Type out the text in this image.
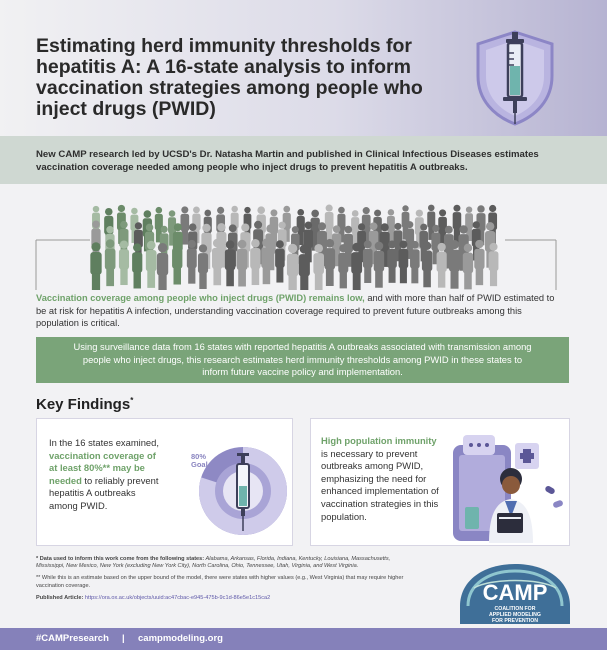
Estimating herd immunity thresholds for hepatitis A: A 16-state analysis to inform vaccination strategies among people who inject drugs (PWID)

New CAMP research led by UCSD's Dr. Natasha Martin and published in Clinical Infectious Diseases estimates vaccination coverage needed among people who inject drugs to prevent hepatitis A outbreaks.

Vaccination coverage among people who inject drugs (PWID) remains low, and with more than half of PWID estimated to be at risk for hepatitis A infection, understanding vaccination coverage required to prevent future outbreaks among this population is critical.
Using surveillance data from 16 states with reported hepatitis A outbreaks associated with transmission among people who inject drugs, this research estimates herd immunity thresholds among PWID in these states to inform future vaccine policy and implementation.
Key Findings*
In the 16 states examined, vaccination coverage of at least 80%** may be needed to reliably prevent hepatitis A outbreaks among PWID.
80%
Goal
High population immunity is necessary to prevent outbreaks among PWID, emphasizing the need for enhanced implementation of vaccination strategies in this population.

* Data used to inform this work come from the following states: Alabama, Arkansas, Florida, Indiana, Kentucky, Louisiana, Massachusetts, Mississippi, New Mexico, New York (excluding New York City), North Carolina, Ohio, Tennessee, Utah, Virginia, and West Virginia.

** While this is an estimate based on the upper bound of the model, there were states with higher values (e.g., West Virginia) that may require higher vaccination coverage.

Published Article: https://ora.ox.ac.uk/objects/uuid:ac47cbac-e945-475b-9c1d-86e5e1c15ca2	CAMP
COALITION FOR
APPLIED MODELING
FOR PREVENTION
#CAMPresearch | campmodeling.org
